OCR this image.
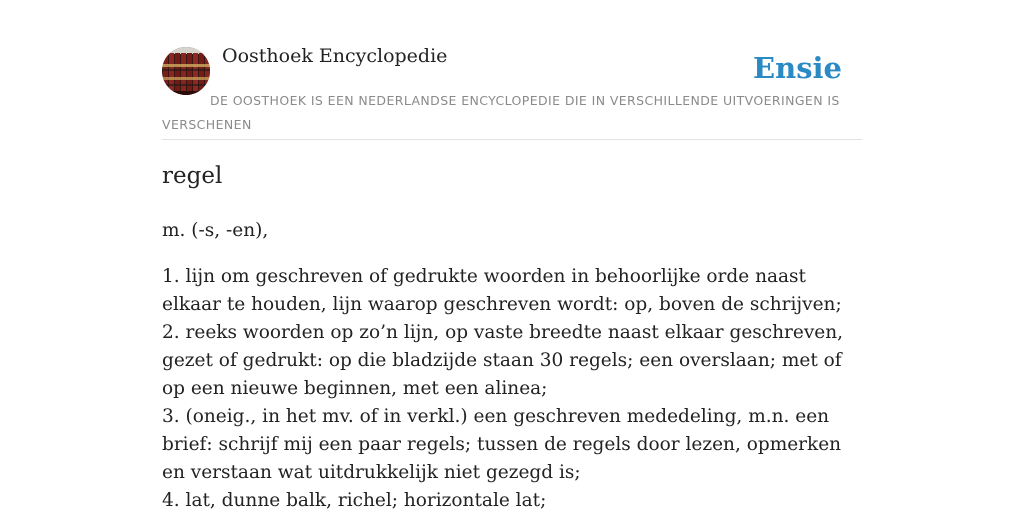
Oosthoek Encyclopedie	Ensie
DE OOSTHOEK IS EEN NEDERLANDSE ENCYCLOPEDIE DIE IN VERSCHILLENDE UITVOERINGEN IS VERSCHENEN
regel

m. (-s, -en),

1. lijn om geschreven of gedrukte woorden in behoorlijke orde naast elkaar te houden, lijn waarop geschreven wordt: op, boven de schrijven;
2. reeks woorden op zo’n lijn, op vaste breedte naast elkaar geschreven, gezet of gedrukt: op die bladzijde staan 30 regels; een overslaan; met of op een nieuwe beginnen, met een alinea;
3. (oneig., in het mv. of in verkl.) een geschreven mededeling, m.n. een brief: schrijf mij een paar regels; tussen de regels door lezen, opmerken en verstaan wat uitdrukkelijk niet gezegd is;
4. lat, dunne balk, richel; horizontale lat;
